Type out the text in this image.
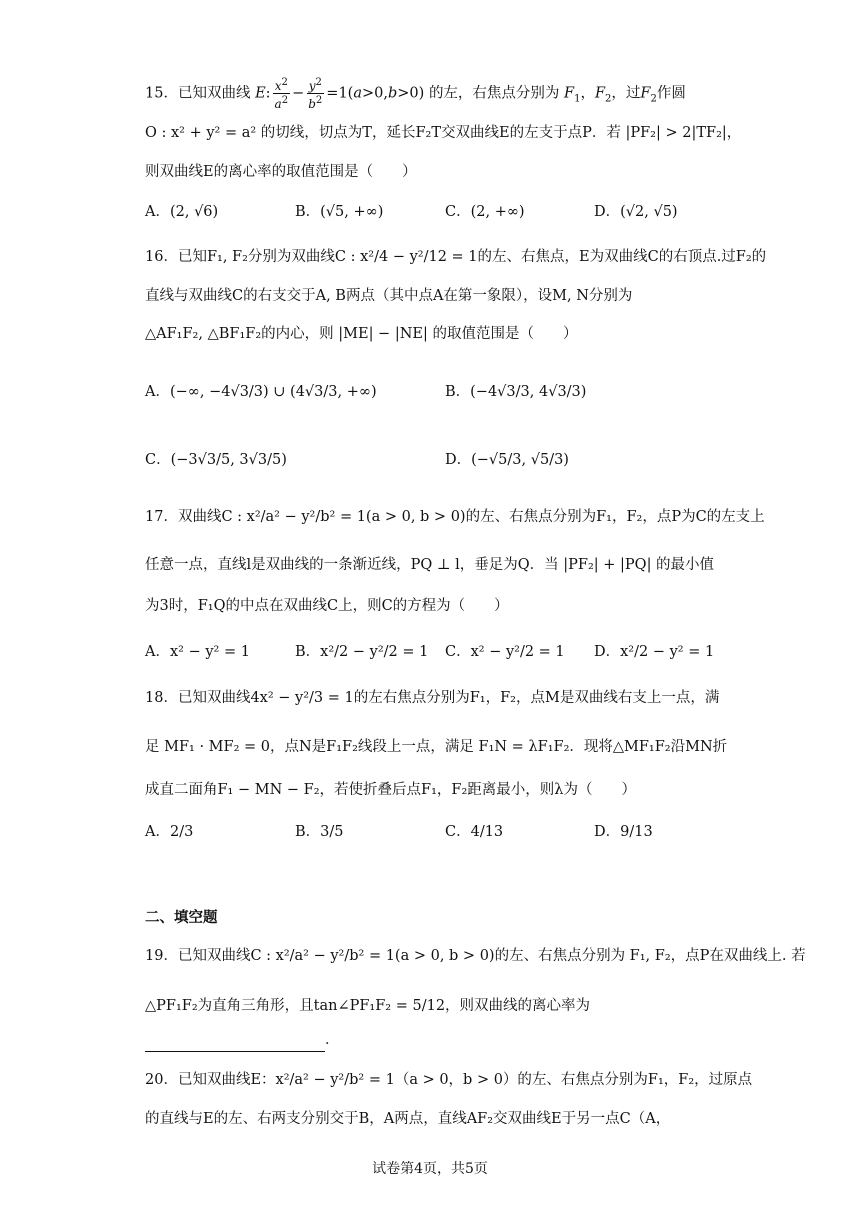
15．已知双曲线 E: $\frac{x^2}{a^2} - \frac{y^2}{b^2} =1(a>0,b>0)$ 的左，右焦点分别为 $F_1$，$F_2$，过$F_2$作圆
O : x² + y² = a² 的切线，切点为T，延长F₂T交双曲线E的左支于点P．若 |PF₂| > 2|TF₂|，
则双曲线E的离心率的取值范围是（　　）
A．(2, √6)	B．(√5, +∞)	C．(2, +∞)	D．(√2, √5)
16．已知F₁, F₂分别为双曲线C : x²/4 − y²/12 = 1的左、右焦点，E为双曲线C的右顶点.过F₂的
直线与双曲线C的右支交于A, B两点（其中点A在第一象限），设M, N分别为
△AF₁F₂, △BF₁F₂的内心，则 |ME| − |NE| 的取值范围是（　　）
A．(−∞, −4√3/3) ∪ (4√3/3, +∞)	B．(−4√3/3, 4√3/3)
C．(−3√3/5, 3√3/5)	D．(−√5/3, √5/3)
17．双曲线C : x²/a² − y²/b² = 1(a > 0, b > 0)的左、右焦点分别为F₁，F₂，点P为C的左支上
任意一点，直线l是双曲线的一条渐近线，PQ ⊥ l，垂足为Q．当 |PF₂| + |PQ| 的最小值
为3时，F₁Q的中点在双曲线C上，则C的方程为（　　）
A．x² − y² = 1	B．x²/2 − y²/2 = 1 C．x² − y²/2 = 1 D．x²/2 − y² = 1
18．已知双曲线4x² − y²/3 = 1的左右焦点分别为F₁，F₂，点M是双曲线右支上一点，满
足 MF₁ · MF₂ = 0，点N是F₁F₂线段上一点，满足 F₁N = λF₁F₂．现将△MF₁F₂沿MN折
成直二面角F₁ − MN − F₂，若使折叠后点F₁，F₂距离最小，则λ为（　　）
A．2/3	B．3/5	C．4/13	D．9/13
二、填空题
19．已知双曲线C : x²/a² − y²/b² = 1(a > 0, b > 0)的左、右焦点分别为 F₁, F₂，点P在双曲线上. 若
△PF₁F₂为直角三角形，且tan∠PF₁F₂ = 5/12，则双曲线的离心率为
．
20．已知双曲线E：x²/a² − y²/b² = 1（a > 0，b > 0）的左、右焦点分别为F₁，F₂，过原点
的直线与E的左、右两支分别交于B，A两点，直线AF₂交双曲线E于另一点C（A，
试卷第4页，共5页
